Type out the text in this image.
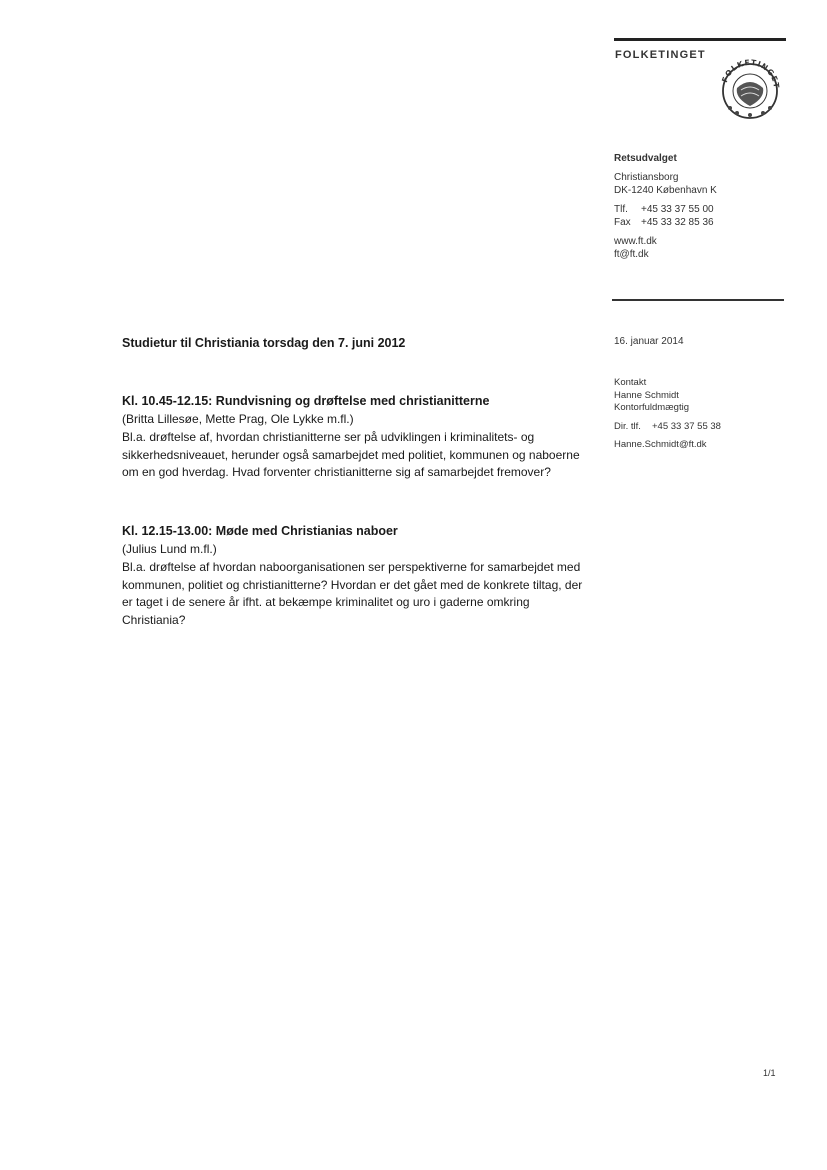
FOLKETINGET
FOLKETINGET
Retsudvalget
Christiansborg
DK-1240 København K
Tlf. +45 33 37 55 00
Fax +45 33 32 85 36
www.ft.dk
ft@ft.dk
16. januar 2014
Kontakt
Hanne Schmidt
Kontorfuldmægtig
Dir. tlf. +45 33 37 55 38
Hanne.Schmidt@ft.dk

Studietur til Christiania torsdag den 7. juni 2012

Kl. 10.45-12.15: Rundvisning og drøftelse med christianitterne

(Britta Lillesøe, Mette Prag, Ole Lykke m.fl.)

Bl.a. drøftelse af, hvordan christianitterne ser på udviklingen i kriminalitets- og sikkerhedsniveauet, herunder også samarbejdet med politiet, kommunen og naboerne om en god hverdag. Hvad forventer christianitterne sig af samarbejdet fremover?

Kl. 12.15-13.00: Møde med Christianias naboer

(Julius Lund m.fl.)

Bl.a. drøftelse af hvordan naboorganisationen ser perspektiverne for samarbejdet med kommunen, politiet og christianitterne? Hvordan er det gået med de konkrete tiltag, der er taget i de senere år ifht. at bekæmpe kriminalitet og uro i gaderne omkring Christiania?

1/1
